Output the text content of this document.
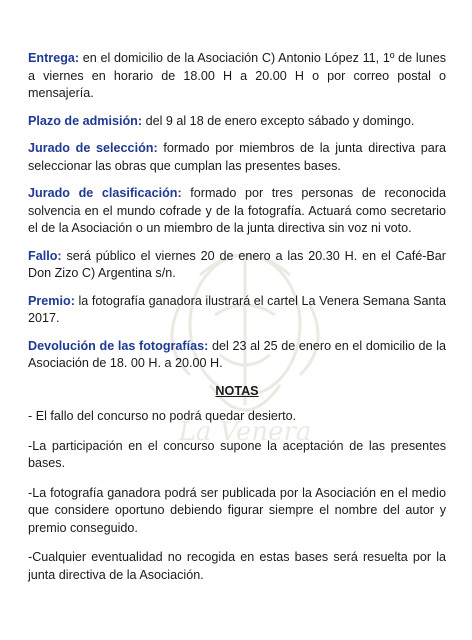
La Venera

Entrega: en el domicilio de la Asociación C) Antonio López 11, 1º de lunes a viernes en horario de 18.00 H a 20.00 H o por correo postal o mensajería.

Plazo de admisión: del 9 al 18 de enero excepto sábado y domingo.

Jurado de selección: formado por miembros de la junta directiva para seleccionar las obras que cumplan las presentes bases.

Jurado de clasificación: formado por tres personas de reconocida solvencia en el mundo cofrade y de la fotografía. Actuará como secretario el de la Asociación o un miembro de la junta directiva sin voz ni voto.

Fallo: será público el viernes 20 de enero a las 20.30 H. en el Café-Bar Don Zizo C) Argentina s/n.

Premio: la fotografía ganadora ilustrará el cartel La Venera Semana Santa 2017.

Devolución de las fotografías: del 23 al 25 de enero en el domicilio de la Asociación de 18. 00 H. a 20.00 H.

NOTAS

- El fallo del concurso no podrá quedar desierto.

-La participación en el concurso supone la aceptación de las presentes bases.

-La fotografía ganadora podrá ser publicada por la Asociación en el medio que considere oportuno debiendo figurar siempre el nombre del autor y premio conseguido.

-Cualquier eventualidad no recogida en estas bases será resuelta por la junta directiva de la Asociación.
